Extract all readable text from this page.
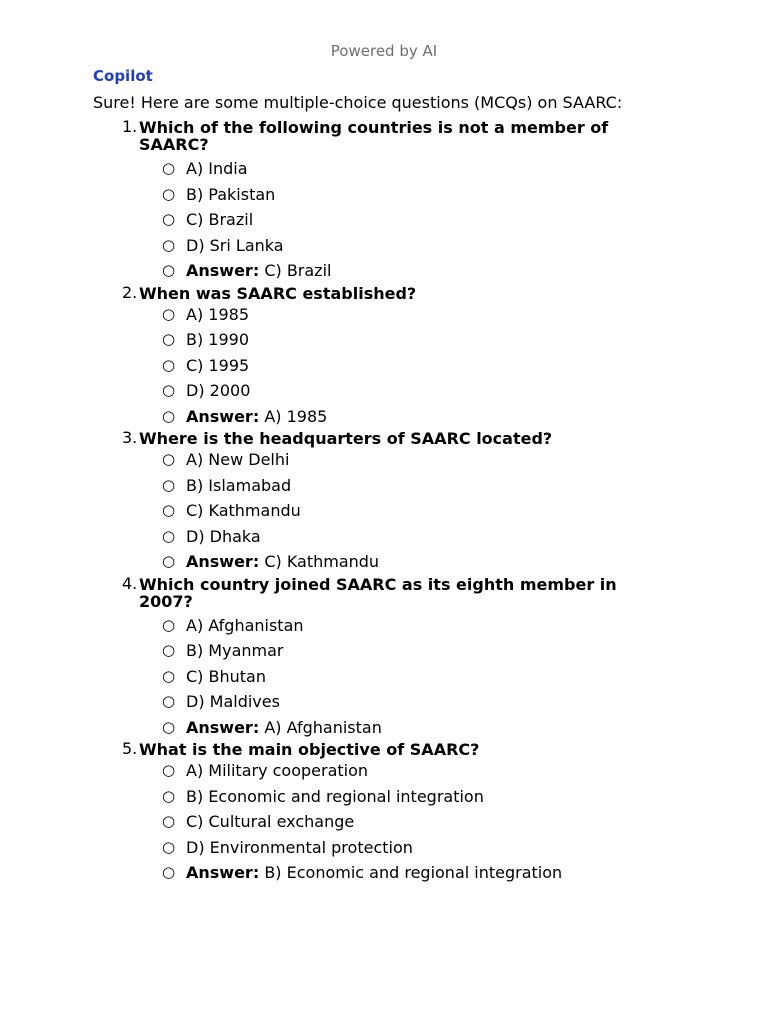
Powered by AI
Copilot
Sure! Here are some multiple-choice questions (MCQs) on SAARC:
1. Which of the following countries is not a member of SAARC?
○ A) India
○ B) Pakistan
○ C) Brazil
○ D) Sri Lanka
○ Answer: C) Brazil
2. When was SAARC established?
○ A) 1985
○ B) 1990
○ C) 1995
○ D) 2000
○ Answer: A) 1985
3. Where is the headquarters of SAARC located?
○ A) New Delhi
○ B) Islamabad
○ C) Kathmandu
○ D) Dhaka
○ Answer: C) Kathmandu
4. Which country joined SAARC as its eighth member in 2007?
○ A) Afghanistan
○ B) Myanmar
○ C) Bhutan
○ D) Maldives
○ Answer: A) Afghanistan
5. What is the main objective of SAARC?
○ A) Military cooperation
○ B) Economic and regional integration
○ C) Cultural exchange
○ D) Environmental protection
○ Answer: B) Economic and regional integration
